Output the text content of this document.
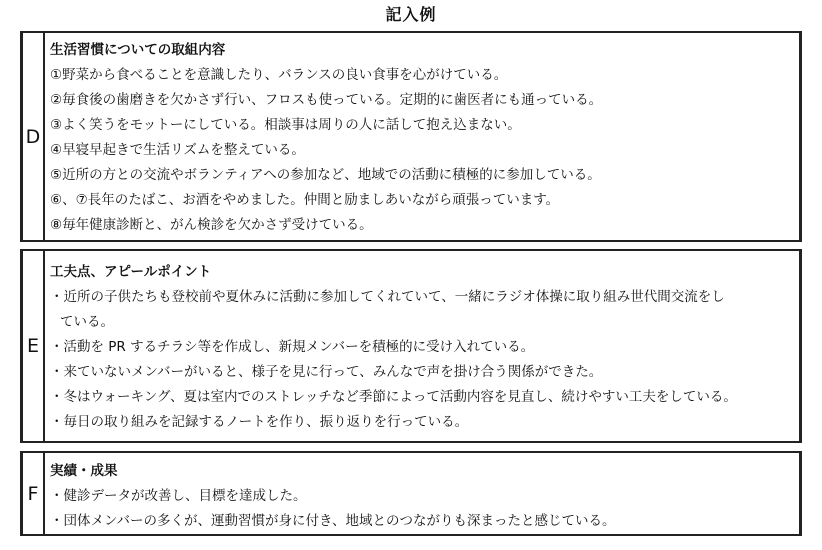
記入例
D
生活習慣についての取組内容
①野菜から食べることを意識したり、バランスの良い食事を心がけている。
②毎食後の歯磨きを欠かさず行い、フロスも使っている。定期的に歯医者にも通っている。
③よく笑うをモットーにしている。相談事は周りの人に話して抱え込まない。
④早寝早起きで生活リズムを整えている。
⑤近所の方との交流やボランティアへの参加など、地域での活動に積極的に参加している。
⑥、⑦長年のたばこ、お酒をやめました。仲間と励ましあいながら頑張っています。
⑧毎年健康診断と、がん検診を欠かさず受けている。
E
工夫点、アピールポイント
・近所の子供たちも登校前や夏休みに活動に参加してくれていて、一緒にラジオ体操に取り組み世代間交流をし
ている。
・活動を PR するチラシ等を作成し、新規メンバーを積極的に受け入れている。
・来ていないメンバーがいると、様子を見に行って、みんなで声を掛け合う関係ができた。
・冬はウォーキング、夏は室内でのストレッチなど季節によって活動内容を見直し、続けやすい工夫をしている。
・毎日の取り組みを記録するノートを作り、振り返りを行っている。
F
実績・成果
・健診データが改善し、目標を達成した。
・団体メンバーの多くが、運動習慣が身に付き、地域とのつながりも深まったと感じている。
